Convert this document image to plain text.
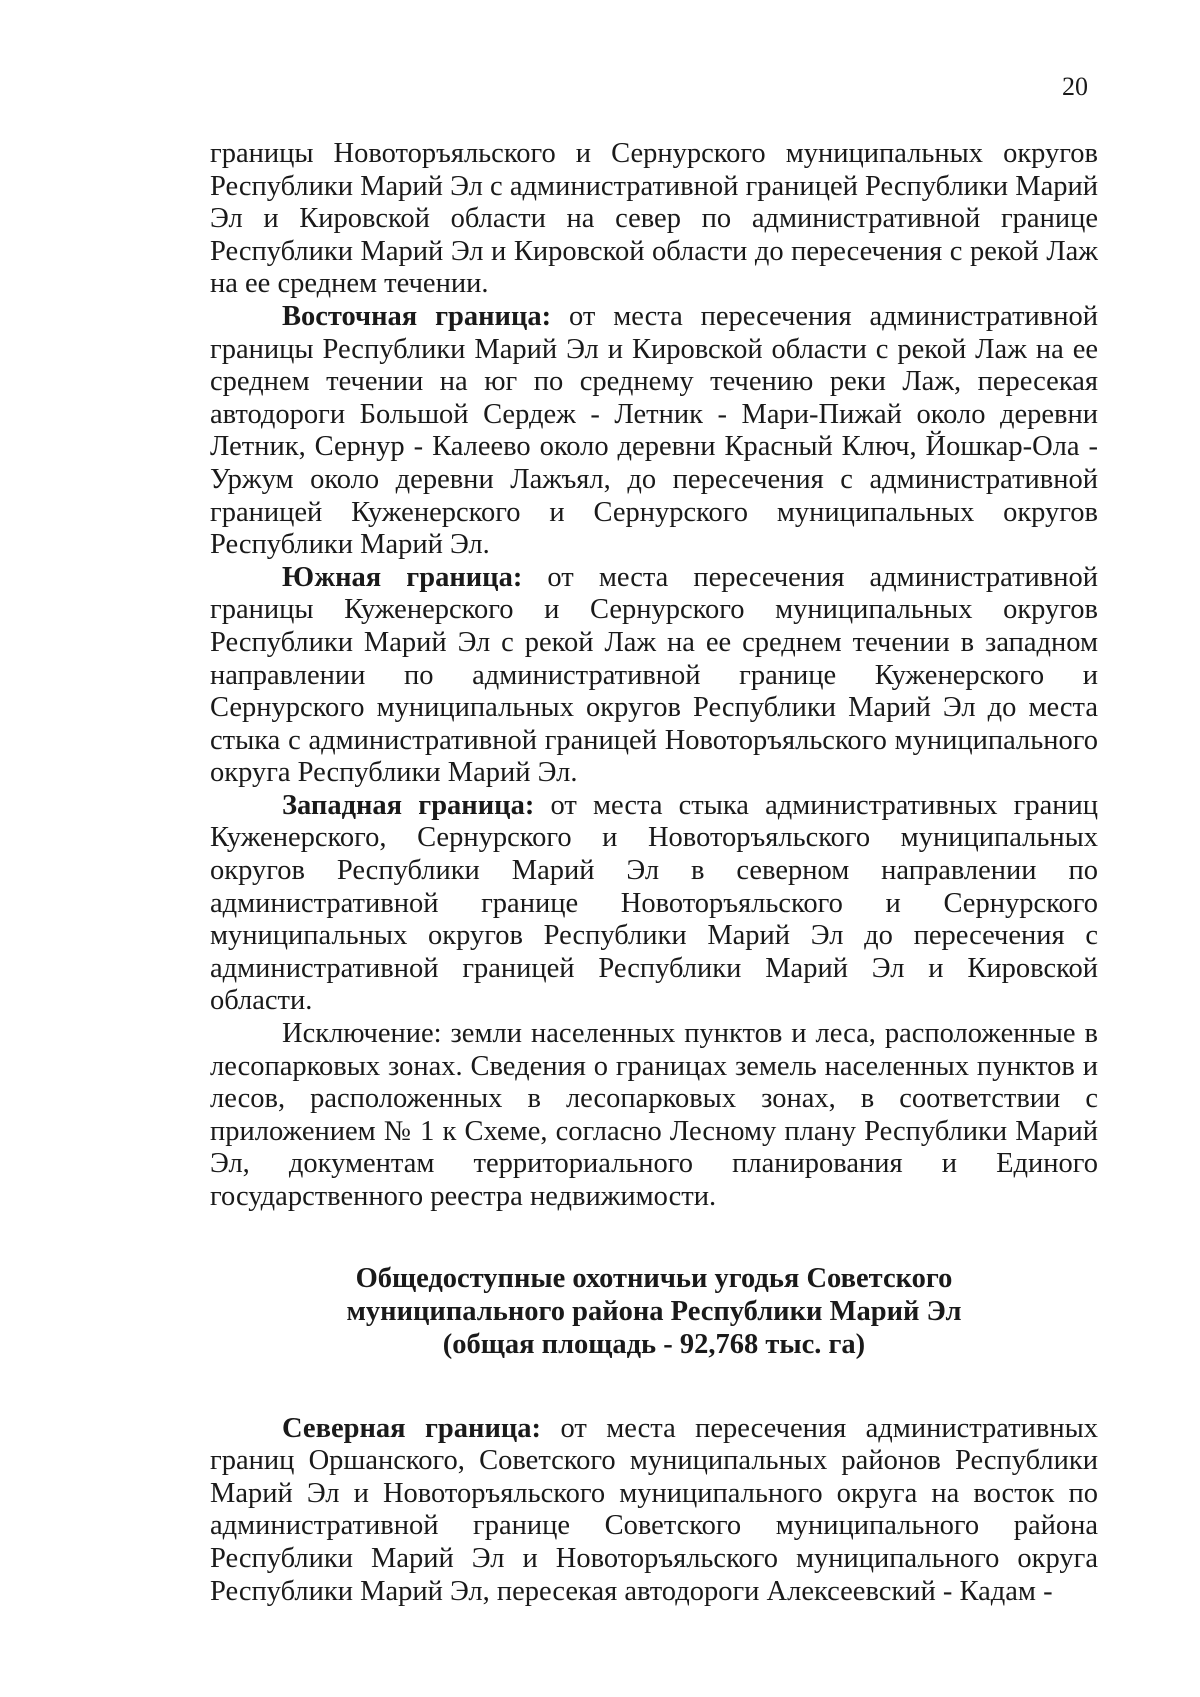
20

границы Новоторъяльского и Сернурского муниципальных округов Республики Марий Эл с административной границей Республики Марий Эл и Кировской области на север по административной границе Республики Марий Эл и Кировской области до пересечения с рекой Лаж на ее среднем течении.

Восточная граница: от места пересечения административной границы Республики Марий Эл и Кировской области с рекой Лаж на ее среднем течении на юг по среднему течению реки Лаж, пересекая автодороги Большой Сердеж - Летник - Мари-Пижай около деревни Летник, Сернур - Калеево около деревни Красный Ключ, Йошкар-Ола - Уржум около деревни Лажъял, до пересечения с административной границей Куженерского и Сернурского муниципальных округов Республики Марий Эл.

Южная граница: от места пересечения административной границы Куженерского и Сернурского муниципальных округов Республики Марий Эл с рекой Лаж на ее среднем течении в западном направлении по административной границе Куженерского и Сернурского муниципальных округов Республики Марий Эл до места стыка с административной границей Новоторъяльского муниципального округа Республики Марий Эл.

Западная граница: от места стыка административных границ Куженерского, Сернурского и Новоторъяльского муниципальных округов Республики Марий Эл в северном направлении по административной границе Новоторъяльского и Сернурского муниципальных округов Республики Марий Эл до пересечения с административной границей Республики Марий Эл и Кировской области.

Исключение: земли населенных пунктов и леса, расположенные в лесопарковых зонах. Сведения о границах земель населенных пунктов и лесов, расположенных в лесопарковых зонах, в соответствии с приложением № 1 к Схеме, согласно Лесному плану Республики Марий Эл, документам территориального планирования и Единого государственного реестра недвижимости.

Общедоступные охотничьи угодья Советского
муниципального района Республики Марий Эл
(общая площадь - 92,768 тыс. га)

Северная граница: от места пересечения административных границ Оршанского, Советского муниципальных районов Республики Марий Эл и Новоторъяльского муниципального округа на восток по административной границе Советского муниципального района Республики Марий Эл и Новоторъяльского муниципального округа Республики Марий Эл, пересекая автодороги Алексеевский - Кадам -
